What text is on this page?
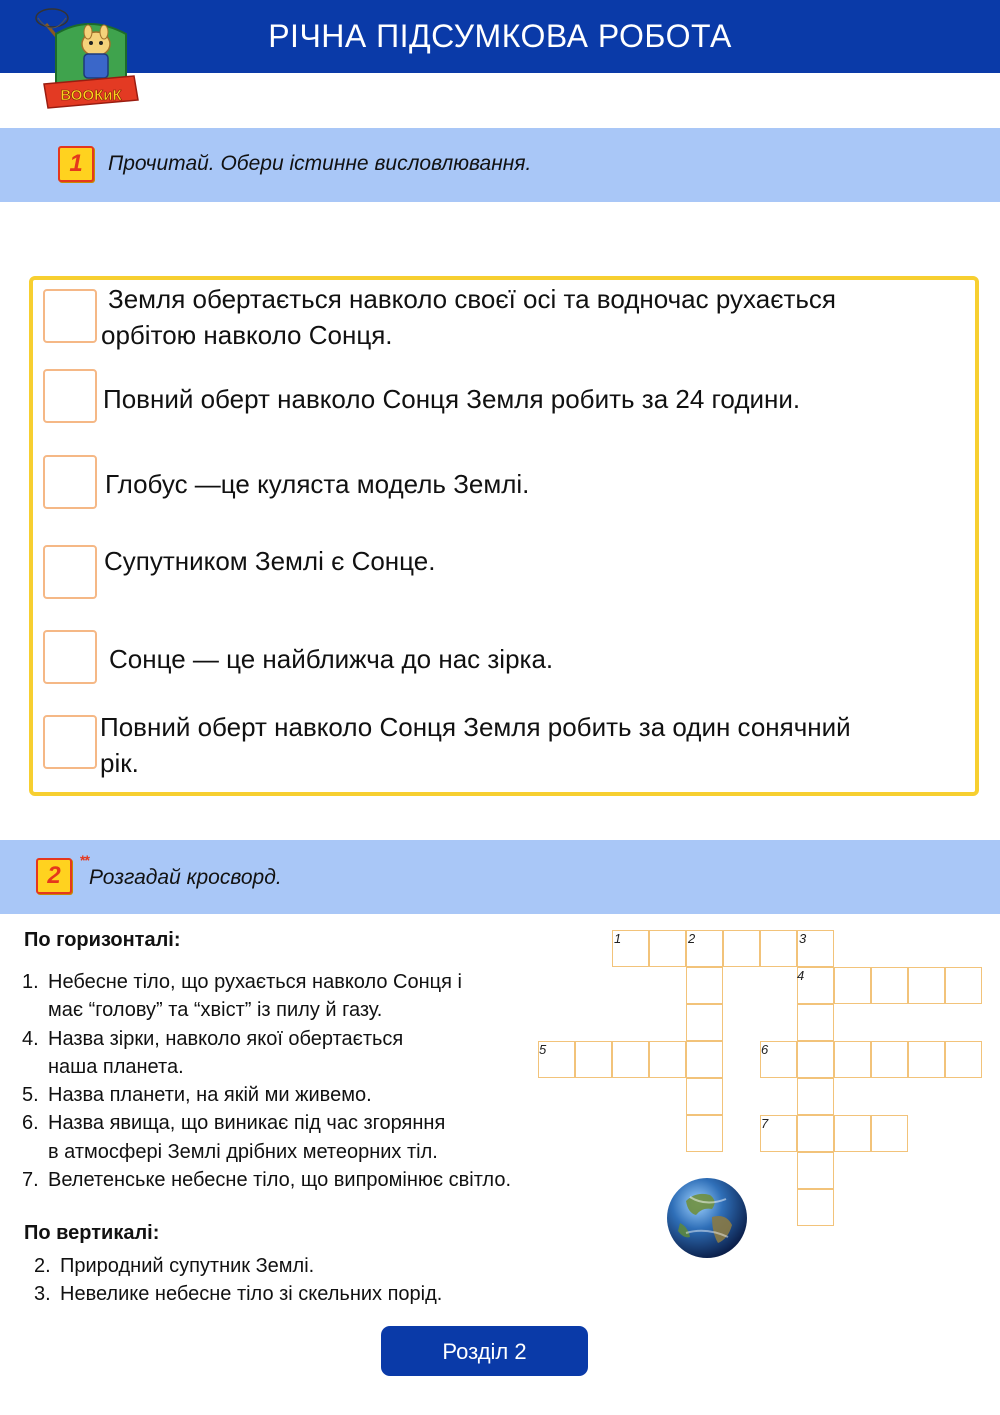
РІЧНА ПІДСУМКОВА РОБОТА
ВООКиК
1	Прочитай. Обери істинне висловлювання.
Земля обертається навколо своєї осі та водночас рухається
орбітою навколо Сонця.
Повний оберт навколо Сонця Земля робить за 24 години.
Глобус —це куляста модель Землі.
Супутником Землі є Сонце.
Сонце — це найближча до нас зірка.
Повний оберт навколо Сонця Земля робить за один сонячний
рік.
2
**
Розгадай кросворд.
По горизонталі:
1. Небесне тіло, що рухається навколо Сонця і
має “голову” та “хвіст” із пилу й газу.
4. Назва зірки, навколо якої обертається
наша планета.
5. Назва планети, на якій ми живемо.
6. Назва явища, що виникає під час згоряння
в атмосфері Землі дрібних метеорних тіл.
7. Велетенське небесне тіло, що випромінює світло.
По вертикалі:
2. Природний супутник Землі.
3. Невелике небесне тіло зі скельних порід.
1	2	3
4
5	6
7
Розділ 2
